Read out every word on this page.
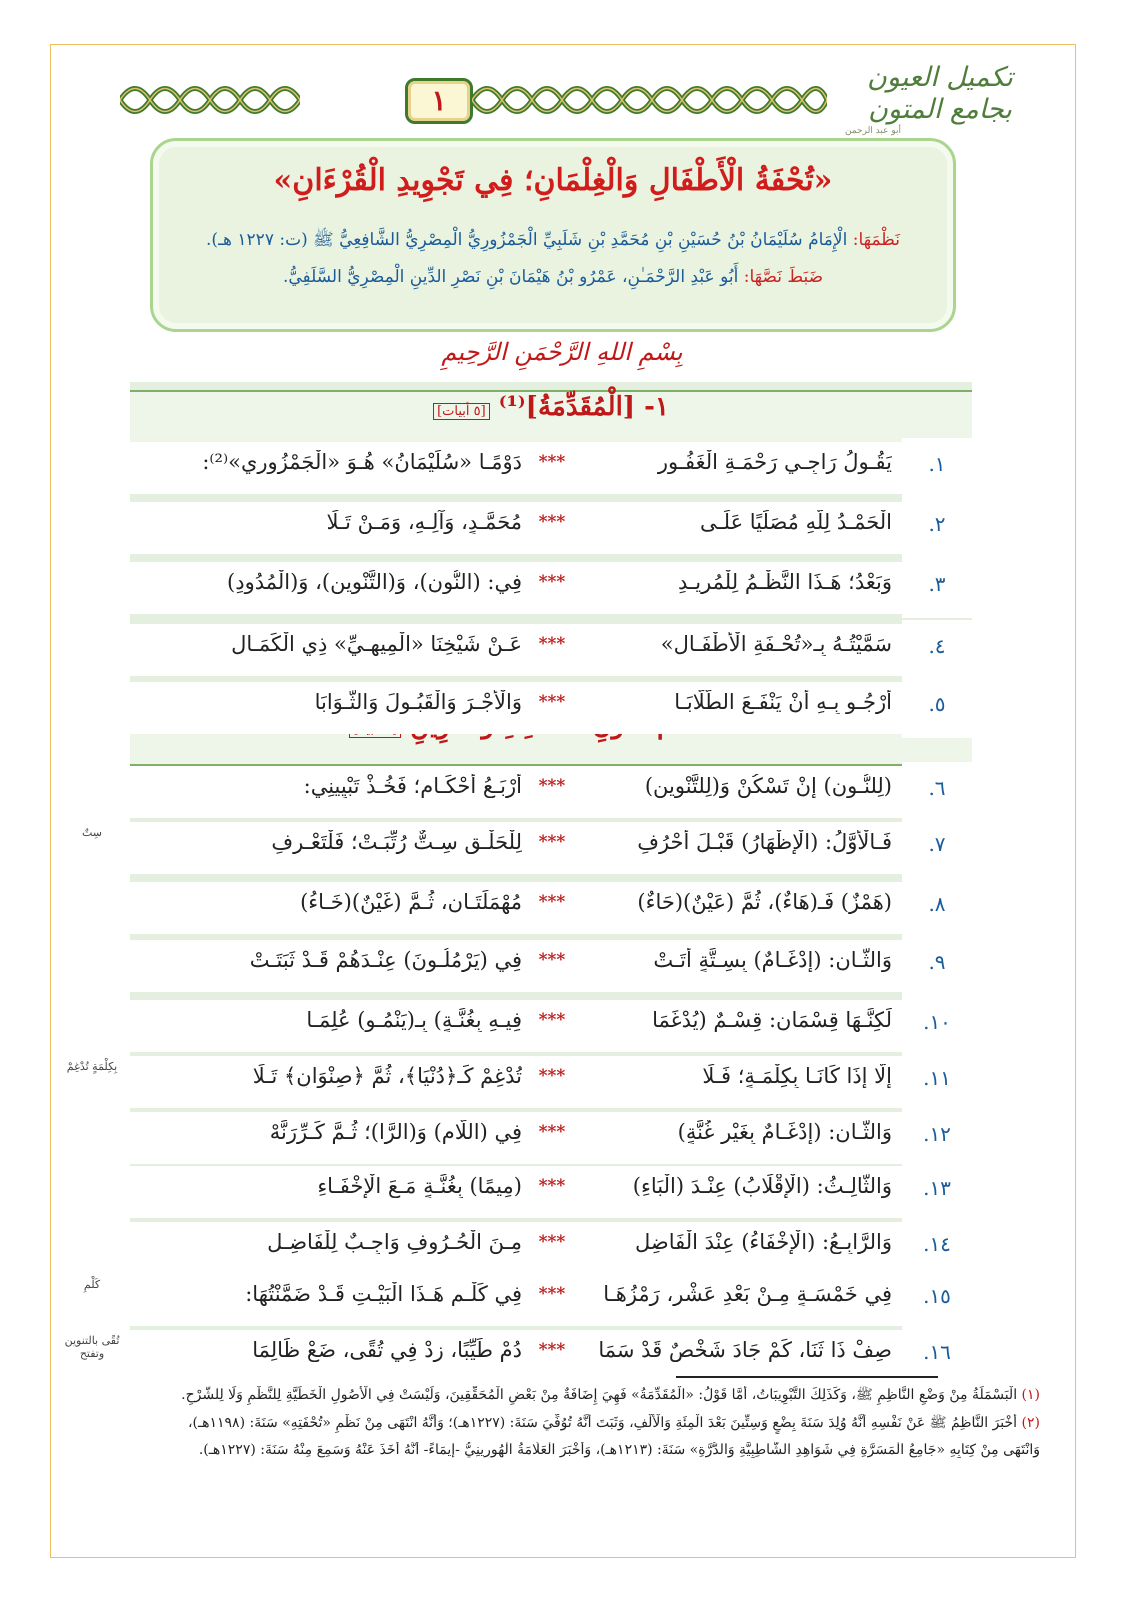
١
تكميل العيون
بجامع المتون
أبو عبد الرحمن
«تُحْفَةُ الْأَطْفَالِ وَالْغِلْمَانِ؛ فِي تَجْوِيدِ الْقُرْءَانِ»
نَظْمَهَا: الْإِمَامُ سُلَيْمَانُ بْنُ حُسَيْنِ بْنِ مُحَمَّدِ بْنِ شَلَبِيِّ الْجَمْزُورِيُّ الْمِصْرِيُّ الشَّافِعِيُّ ﷺ (ت: ١٢٢٧ هـ).
ضَبَطَ نَصَّهَا: أَبُو عَبْدِ الرَّحْمَـٰنِ، عَمْرُو بْنُ هَيْمَانَ بْنِ نَصْرِ الدِّينِ الْمِصْرِيُّ السَّلَفِيُّ.
بِسْمِ اللهِ الرَّحْمَنِ الرَّحِيمِ
١- [الْمُقَدِّمَةُ]⁽¹⁾ [٥ أبيات]
١.
يَقُـولُ رَاجِـي رَحْمَـةِ الْغَفُـورِ
***
دَوْمًـا «سُلَيْمَانُ» هُـوَ «الْجَمْزُورِي»⁽²⁾:
٢.
الْحَمْـدُ لِلَّهِ مُصَلِّيًا عَلَـى
***
مُحَمَّـدٍ، وَآلِـهِ، وَمَـنْ تَـلَا
٣.
وَبَعْدُ؛ هَـذَا النَّظْـمُ لِلْمُرِيـدِ
***
فِي: (النُّونِ)، وَ(التَّنْوِينِ)، وَ(الْمُدُودِ)
٤.
سَمَّيْتُـهُ بِـ«تُحْـفَةِ الْأَطْفَـالِ»
***
عَـنْ شَيْخِنَا «الْمِيهِـيِّ» ذِي الْكَمَـالِ
٥.
أَرْجُـو بِـهِ أَنْ يَنْفَـعَ الطُّلَّابَـا
***
وَالْأَجْـرَ وَالْقَبُـولَ وَالثَّـوَابَا
٦.
(لِلنُّـونِ) إِنْ تَسْكُنْ وَ(لِلتَّنْوِينِ)
***
أَرْبَـعُ أَحْكَـامٍ؛ فَخُـذْ تَبْيِينِي:
٧.
فَـالْأَوَّلُ: (الْإِظْهَارُ) قَبْـلَ أَحْرُفِ
***
لِلْحَلْـقِ سِـتٌّ رُتِّبَـتْ؛ فَلْتَعْـرِفِ
٨.
(هَمْزٌ) فَـ(هَاءٌ)، ثُمَّ (عَيْنٌ)(حَاءٌ)
***
مُهْمَلَتَـانِ، ثُـمَّ (غَيْنٌ)(خَـاءُ)
٩.
وَالثَّـانِ: (إِدْغَـامٌ) بِسِـتَّةٍ أَتَـتْ
***
فِي (يَرْمُلُـونَ) عِنْـدَهُمْ قَـدْ ثَبَتَـتْ
١٠.
لَكِنَّـهَا قِسْمَانِ: قِسْـمٌ (يُدْغَمَا
***
فِيـهِ بِغُنَّـةٍ) بِـ(يَنْمُـو) عُلِمَـا
١١.
إِلَّا إِذَا كَانَـا بِكِلْمَـةٍ؛ فَـلَا
***
تُدْغِمْ كَـ﴿دُنْيَا﴾، ثُمَّ ﴿صِنْوَانٍ﴾ تَـلَا
١٢.
وَالثَّـانِ: (إِدْغَـامٌ بِغَيْرِ غُنَّةٍ)
***
فِي (اللَّامِ) وَ(الرَّا)؛ ثُـمَّ كَـرِّرَنَّهْ
١٣.
وَالثَّالِـثُ: (الْإِقْلَابُ) عِنْـدَ (الْبَاءِ)
***
(مِيمًا) بِغُنَّـةٍ مَـعَ الْإِخْفَـاءِ
١٤.
وَالرَّابِـعُ: (الْإِخْفَاءُ) عِنْدَ الْفَاضِلِ
***
مِـنَ الْحُـرُوفِ وَاجِـبٌ لِلْفَاضِـلِ
١٥.
فِي خَمْسَـةٍ مِـنْ بَعْدِ عَشْرٍ، رَمْزُهَـا
***
فِي كَلْـمِ هَـذَا الْبَيْـتِ قَـدْ ضَمَّنْتُهَا:
١٦.
صِفْ ذَا ثَنَا، كَمْ جَادَ شَخْصٌ قَدْ سَمَا
***
دُمْ طَيِّبًا، زِدْ فِي تُقًى، ضَعْ ظَالِمَا
(١) الْبَسْمَلَةُ مِنْ وَضْعِ النَّاظِمِ ﷺ، وَكَذَلِكَ التَّبْوِيبَاتُ، أَمَّا قَوْلُ: «الْمُقَدِّمَةُ» فَهِيَ إِضَافَةٌ مِنْ بَعْضِ الْمُحَقِّقِينَ، وَلَيْسَتْ فِي الْأُصُولِ الْخَطِّيَّةِ لِلنَّظْمِ وَلَا لِلشَّرْحِ.
(٢) أَخْبَرَ النَّاظِمُ ﷺ عَنْ نَفْسِهِ أَنَّهُ وُلِدَ سَنَةَ بِضْعٍ وَسِتِّينَ بَعْدَ الْمِئَةِ وَالْأَلْفِ، وَثَبَتَ أَنَّهُ تُوُفِّيَ سَنَةَ: (١٢٢٧هـ)؛ وَأَنَّهُ انْتَهَى مِنْ نَظْمِ «تُحْفَتِهِ» سَنَةَ: (١١٩٨هـ)،
وَانْتَهَى مِنْ كِتَابِهِ «جَامِعُ الْمَسَرَّةِ فِي شَوَاهِدِ الشَّاطِبِيَّةِ وَالدُّرَّةِ» سَنَةَ: (١٢١٣هـ)، وَأَخْبَرَ الْعَلَّامَةُ الْهُورِينِيُّ -إِيمَاءً- أَنَّهُ أَخَذَ عَنْهُ وَسَمِعَ مِنْهُ سَنَةَ: (١٢٢٧هـ).
سِتٌ
بِكِلْمَةٍ تُدْغِمْ
كَلْمِ
تُقًى بالتنوين وتفتح
